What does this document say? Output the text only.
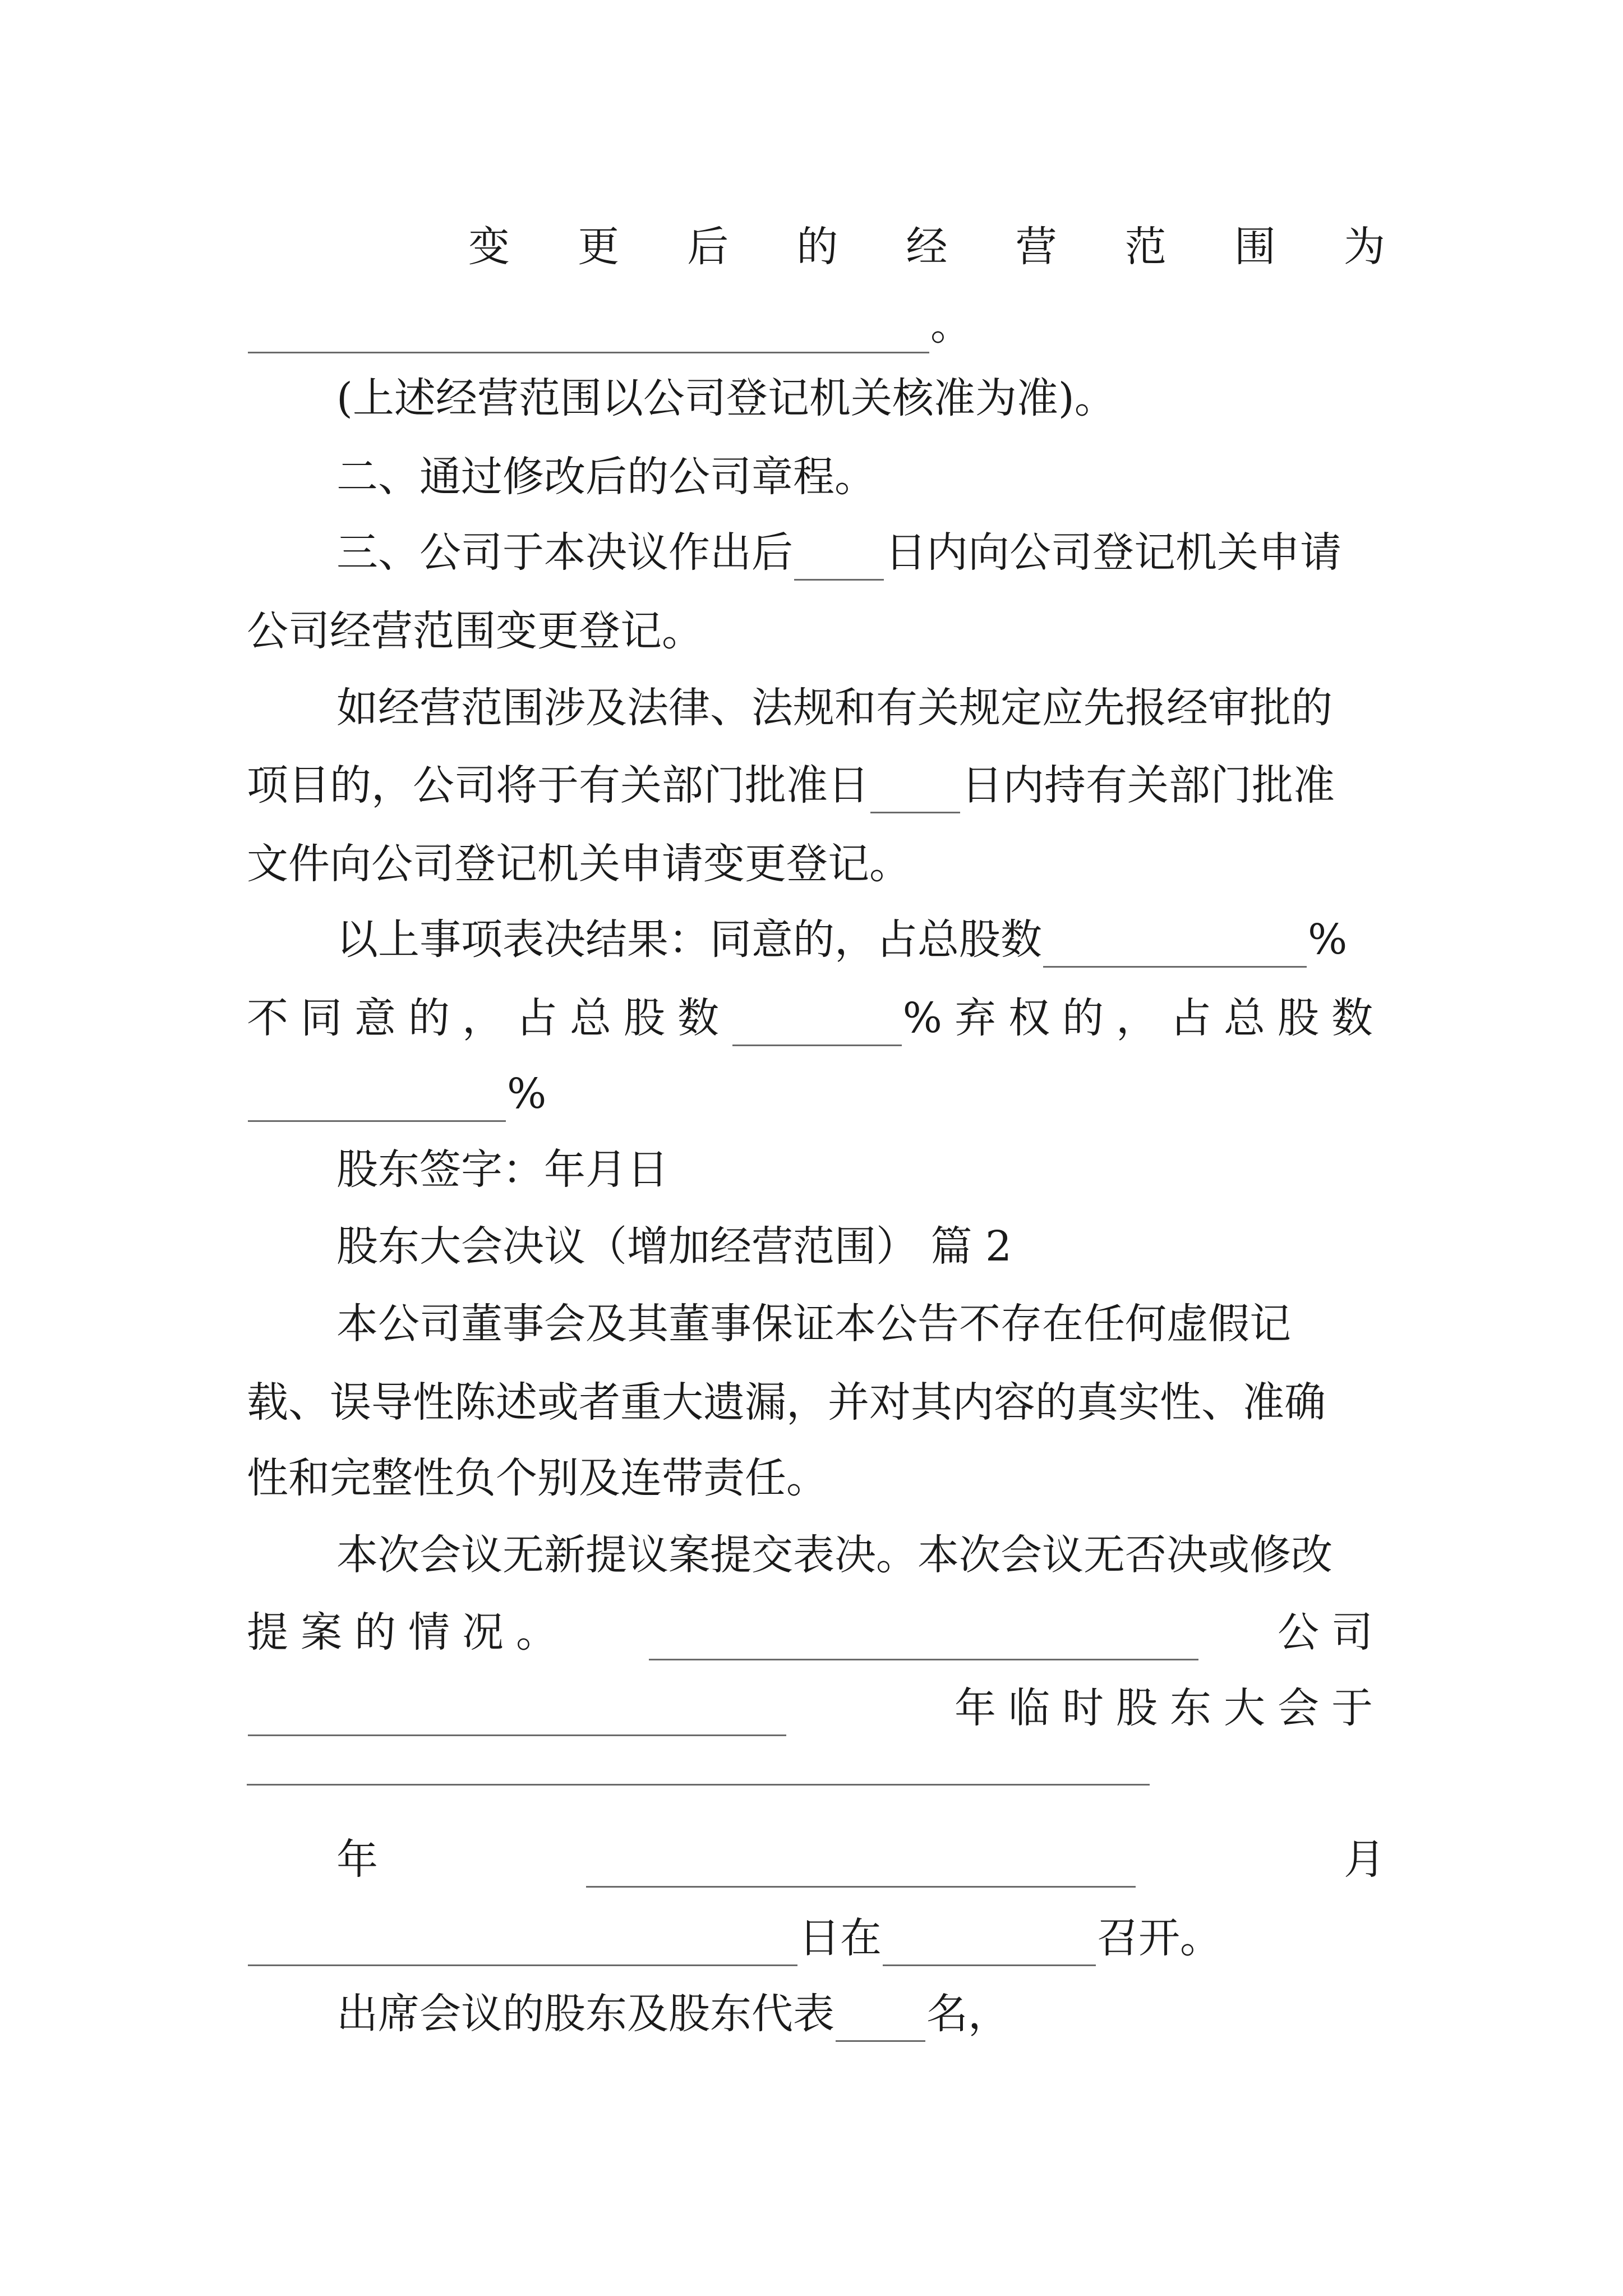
变 更 后 的 经 营 范 围 为
。
(上述经营范围以公司登记机关核准为准)。
二、通过修改后的公司章程。
三、公司于本决议作出后 日内向公司登记机关申请
公司经营范围变更登记。
如经营范围涉及法律、法规和有关规定应先报经审批的
项目的，公司将于有关部门批准日 日内持有关部门批准
文件向公司登记机关申请变更登记。
以上事项表决结果：同意的，占总股数	%
不同意的，占总股数	%弃权的，占总股数
%
股东签字：年月日
股东大会决议（增加经营范围） 篇 2
本公司董事会及其董事保证本公告不存在任何虚假记
载、误导性陈述或者重大遗漏，并对其内容的真实性、准确
性和完整性负个别及连带责任。
本次会议无新提议案提交表决。本次会议无否决或修改
提案的情况。	公司
年临时股东大会于
年	月
日在	召开。
出席会议的股东及股东代表 名，
